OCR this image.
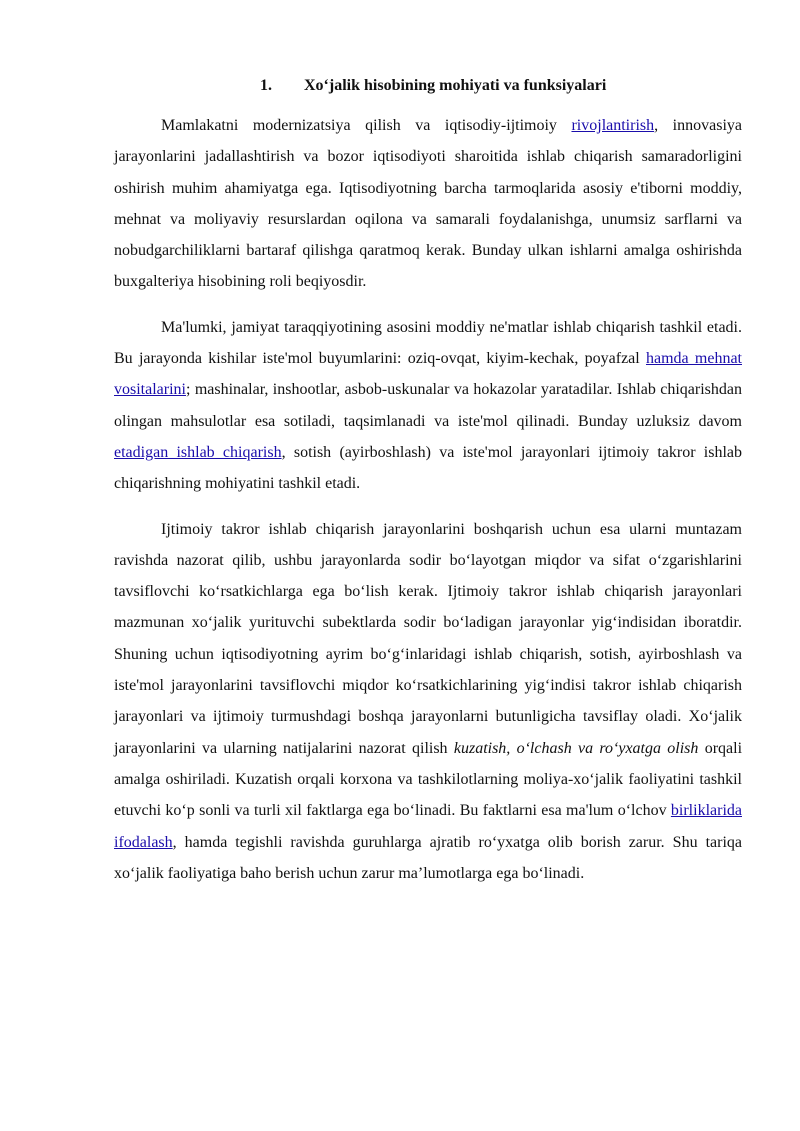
1. Xo‘jalik hisobining mohiyati va funksiyalari

Mamlakatni modernizatsiya qilish va iqtisodiy-ijtimoiy rivojlantirish, innovasiya jarayonlarini jadallashtirish va bozor iqtisodiyoti sharoitida ishlab chiqarish samaradorligini oshirish muhim ahamiyatga ega. Iqtisodiyotning barcha tarmoqlarida asosiy e'tiborni moddiy, mehnat va moliyaviy resurslardan oqilona va samarali foydalanishga, unumsiz sarflarni va nobudgarchiliklarni bartaraf qilishga qaratmoq kerak. Bunday ulkan ishlarni amalga oshirishda buxgalteriya hisobining roli beqiyosdir.

Ma'lumki, jamiyat taraqqiyotining asosini moddiy ne'matlar ishlab chiqarish tashkil etadi. Bu jarayonda kishilar iste'mol buyumlarini: oziq-ovqat, kiyim-kechak, poyafzal hamda mehnat vositalarini; mashinalar, inshootlar, asbob-uskunalar va hokazolar yaratadilar. Ishlab chiqarishdan olingan mahsulotlar esa sotiladi, taqsimlanadi va iste'mol qilinadi. Bunday uzluksiz davom etadigan ishlab chiqarish, sotish (ayirboshlash) va iste'mol jarayonlari ijtimoiy takror ishlab chiqarishning mohiyatini tashkil etadi.

Ijtimoiy takror ishlab chiqarish jarayonlarini boshqarish uchun esa ularni muntazam ravishda nazorat qilib, ushbu jarayonlarda sodir bo‘layotgan miqdor va sifat o‘zgarishlarini tavsiflovchi ko‘rsatkichlarga ega bo‘lish kerak. Ijtimoiy takror ishlab chiqarish jarayonlari mazmunan xo‘jalik yurituvchi subektlarda sodir bo‘ladigan jarayonlar yig‘indisidan iboratdir. Shuning uchun iqtisodiyotning ayrim bo‘g‘inlaridagi ishlab chiqarish, sotish, ayirboshlash va iste'mol jarayonlarini tavsiflovchi miqdor ko‘rsatkichlarining yig‘indisi takror ishlab chiqarish jarayonlari va ijtimoiy turmushdagi boshqa jarayonlarni butunligicha tavsiflay oladi. Xo‘jalik jarayonlarini va ularning natijalarini nazorat qilish kuzatish, o‘lchash va ro‘yxatga olish orqali amalga oshiriladi. Kuzatish orqali korxona va tashkilotlarning moliya-xo‘jalik faoliyatini tashkil etuvchi ko‘p sonli va turli xil faktlarga ega bo‘linadi. Bu faktlarni esa ma'lum o‘lchov birliklarida ifodalash, hamda tegishli ravishda guruhlarga ajratib ro‘yxatga olib borish zarur. Shu tariqa xo‘jalik faoliyatiga baho berish uchun zarur ma’lumotlarga ega bo‘linadi.
